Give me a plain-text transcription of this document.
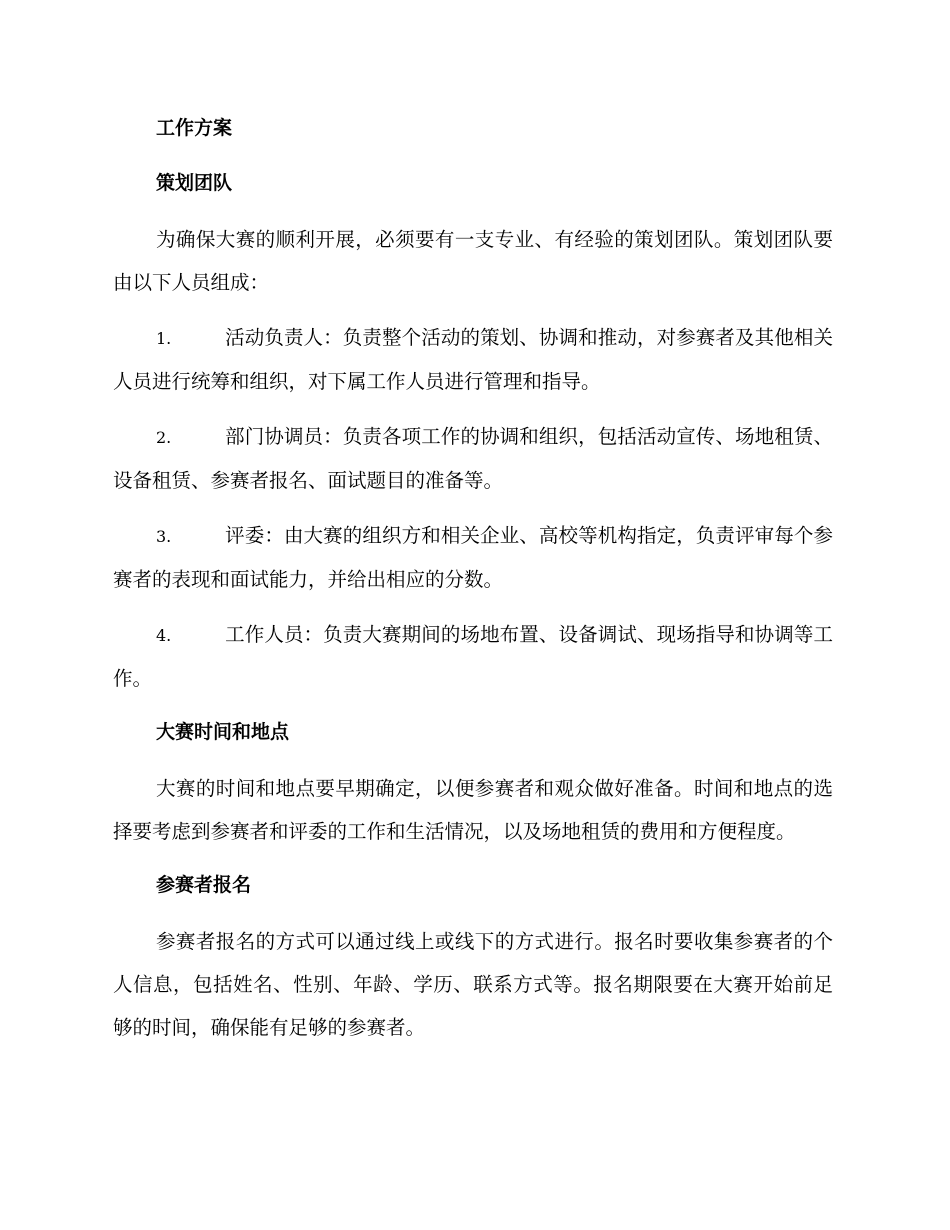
工作方案
策划团队

为确保大赛的顺利开展，必须要有一支专业、有经验的策划团队。策划团队要由以下人员组成：

1.	活动负责人：负责整个活动的策划、协调和推动，对参赛者及其他相关人员进行统筹和组织，对下属工作人员进行管理和指导。
2.	部门协调员：负责各项工作的协调和组织，包括活动宣传、场地租赁、设备租赁、参赛者报名、面试题目的准备等。
3.	评委：由大赛的组织方和相关企业、高校等机构指定，负责评审每个参赛者的表现和面试能力，并给出相应的分数。
4.	工作人员：负责大赛期间的场地布置、设备调试、现场指导和协调等工作。
大赛时间和地点

大赛的时间和地点要早期确定，以便参赛者和观众做好准备。时间和地点的选择要考虑到参赛者和评委的工作和生活情况，以及场地租赁的费用和方便程度。

参赛者报名

参赛者报名的方式可以通过线上或线下的方式进行。报名时要收集参赛者的个人信息，包括姓名、性别、年龄、学历、联系方式等。报名期限要在大赛开始前足够的时间，确保能有足够的参赛者。
